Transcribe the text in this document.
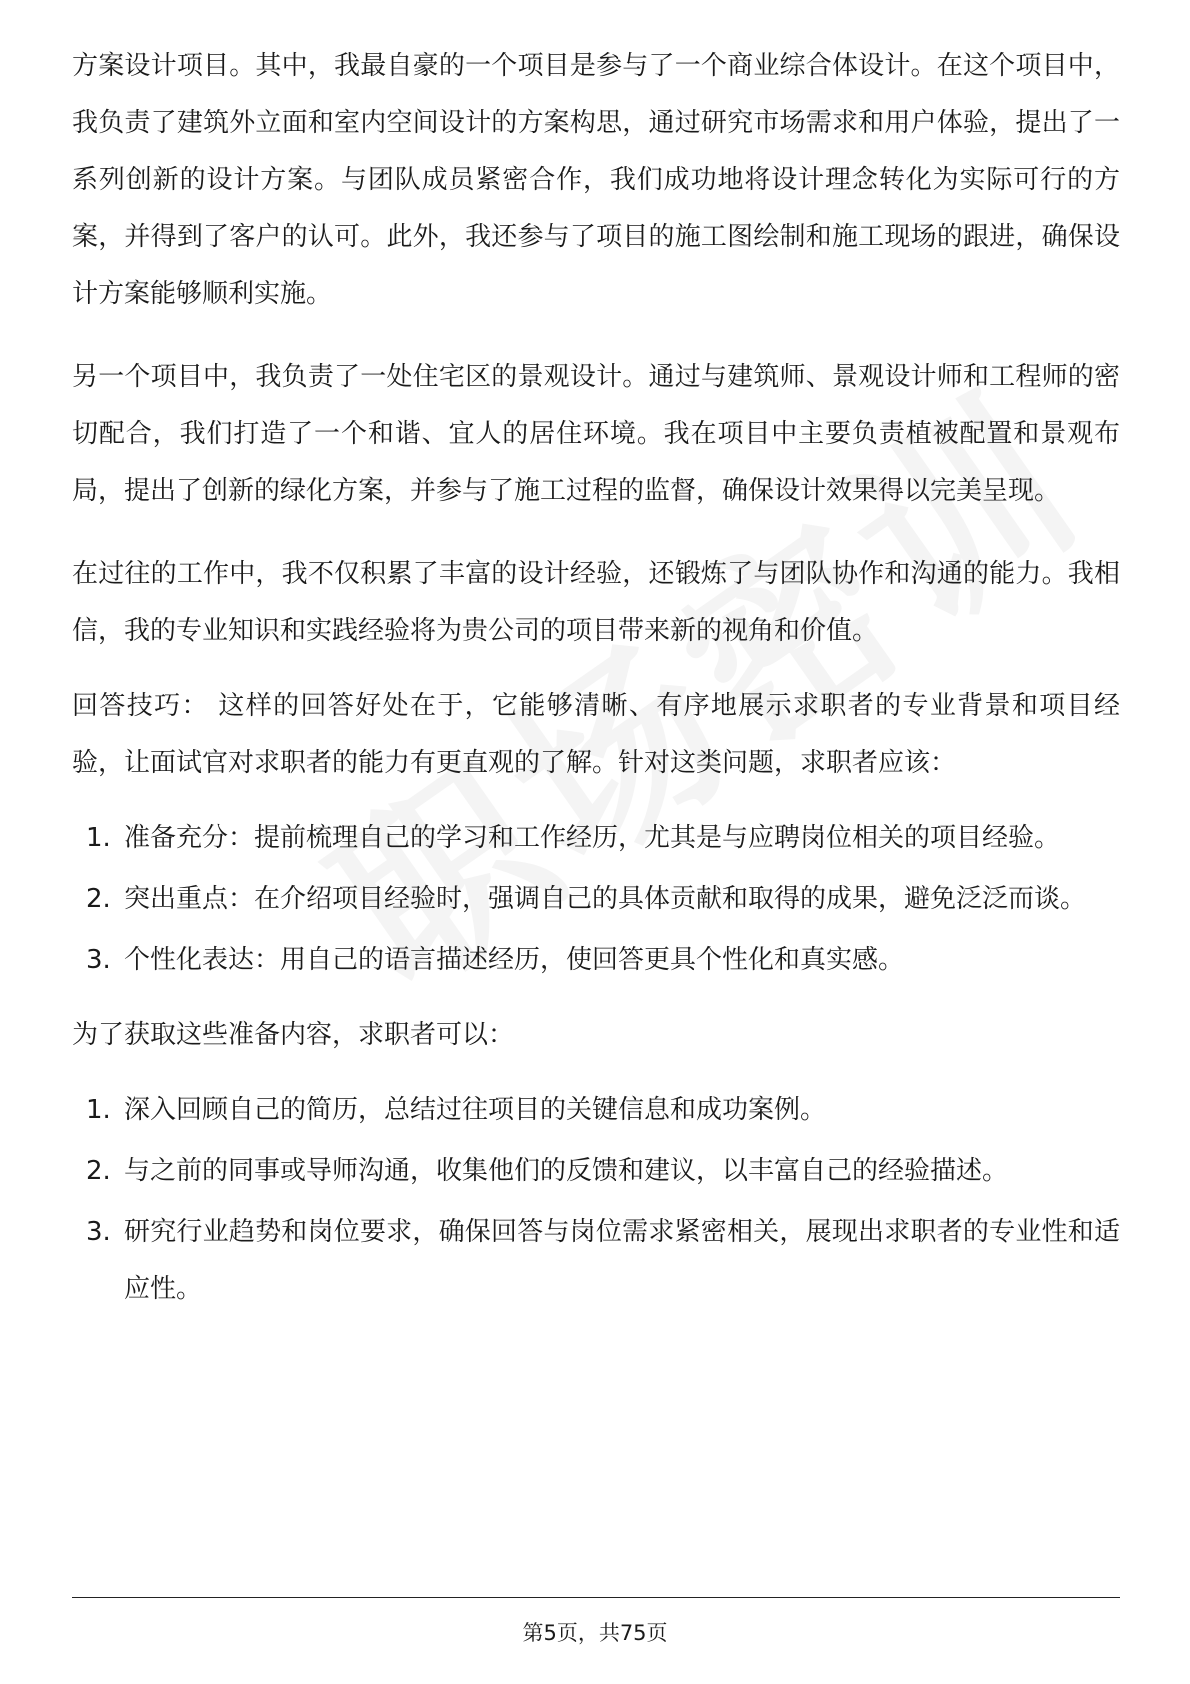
方案设计项目。其中，我最自豪的一个项目是参与了一个商业综合体设计。在这个项目中，我负责了建筑外立面和室内空间设计的方案构思，通过研究市场需求和用户体验，提出了一系列创新的设计方案。与团队成员紧密合作，我们成功地将设计理念转化为实际可行的方案，并得到了客户的认可。此外，我还参与了项目的施工图绘制和施工现场的跟进，确保设计方案能够顺利实施。

另一个项目中，我负责了一处住宅区的景观设计。通过与建筑师、景观设计师和工程师的密切配合，我们打造了一个和谐、宜人的居住环境。我在项目中主要负责植被配置和景观布局，提出了创新的绿化方案，并参与了施工过程的监督，确保设计效果得以完美呈现。

在过往的工作中，我不仅积累了丰富的设计经验，还锻炼了与团队协作和沟通的能力。我相信，我的专业知识和实践经验将为贵公司的项目带来新的视角和价值。

回答技巧： 这样的回答好处在于，它能够清晰、有序地展示求职者的专业背景和项目经验，让面试官对求职者的能力有更直观的了解。针对这类问题，求职者应该：

1. 准备充分：提前梳理自己的学习和工作经历，尤其是与应聘岗位相关的项目经验。
2. 突出重点：在介绍项目经验时，强调自己的具体贡献和取得的成果，避免泛泛而谈。
3. 个性化表达：用自己的语言描述经历，使回答更具个性化和真实感。

为了获取这些准备内容，求职者可以：

1. 深入回顾自己的简历，总结过往项目的关键信息和成功案例。
2. 与之前的同事或导师沟通，收集他们的反馈和建议，以丰富自己的经验描述。
3. 研究行业趋势和岗位要求，确保回答与岗位需求紧密相关，展现出求职者的专业性和适应性。
第5页，共75页
